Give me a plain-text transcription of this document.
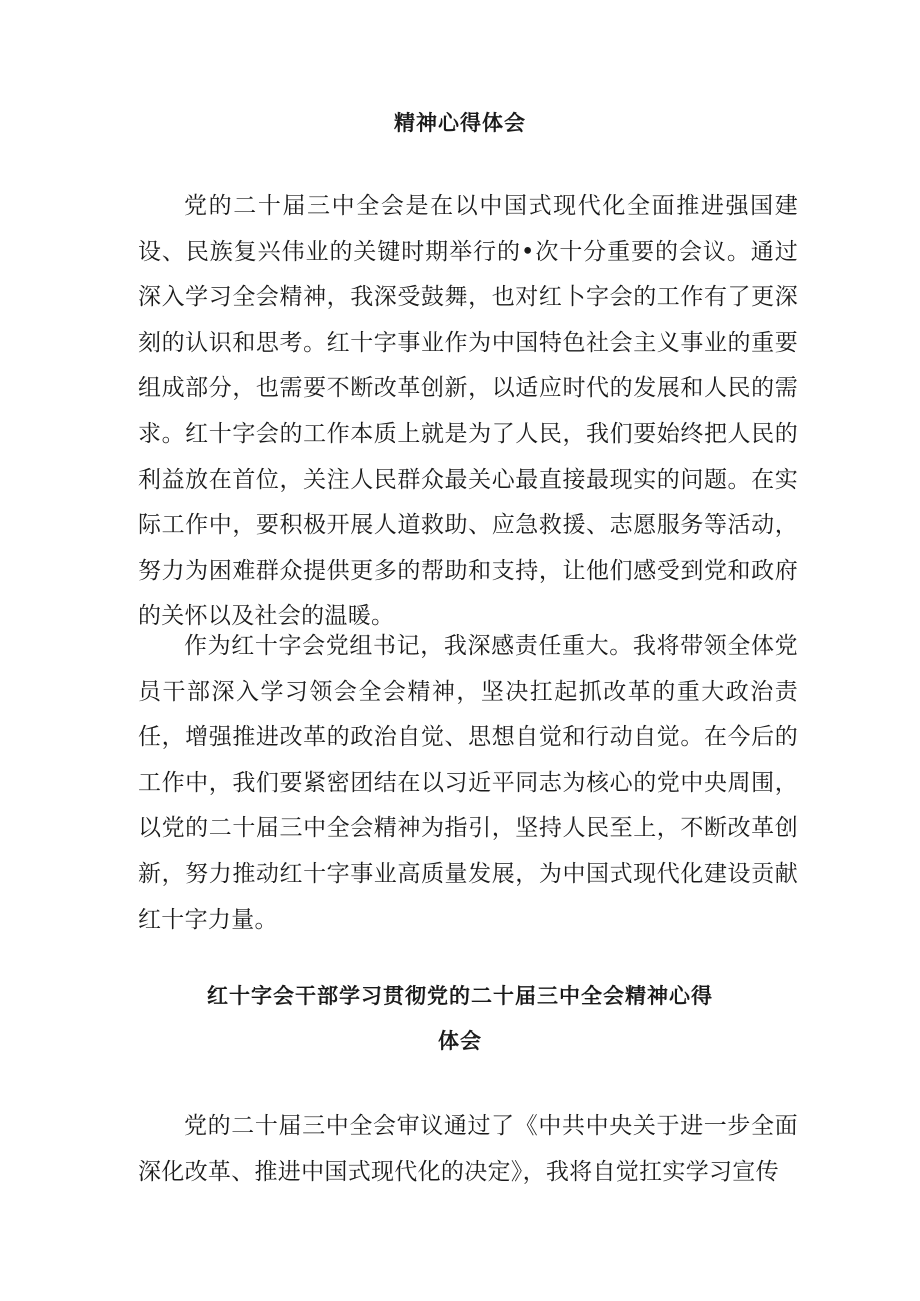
精神心得体会

党的二十届三中全会是在以中国式现代化全面推进强国建设、民族复兴伟业的关键时期举行的•次十分重要的会议。通过深入学习全会精神，我深受鼓舞，也对红卜字会的工作有了更深刻的认识和思考。红十字事业作为中国特色社会主义事业的重要组成部分，也需要不断改革创新，以适应时代的发展和人民的需求。红十字会的工作本质上就是为了人民，我们要始终把人民的利益放在首位，关注人民群众最关心最直接最现实的问题。在实际工作中，要积极开展人道救助、应急救援、志愿服务等活动，努力为困难群众提供更多的帮助和支持，让他们感受到党和政府的关怀以及社会的温暖。

作为红十字会党组书记，我深感责任重大。我将带领全体党员干部深入学习领会全会精神，坚决扛起抓改革的重大政治责任，增强推进改革的政治自觉、思想自觉和行动自觉。在今后的工作中，我们要紧密团结在以习近平同志为核心的党中央周围，以党的二十届三中全会精神为指引，坚持人民至上，不断改革创新，努力推动红十字事业高质量发展，为中国式现代化建设贡献红十字力量。

红十字会干部学习贯彻党的二十届三中全会精神心得
体会

党的二十届三中全会审议通过了《中共中央关于进一步全面深化改革、推进中国式现代化的决定》，我将自觉扛实学习宣传
